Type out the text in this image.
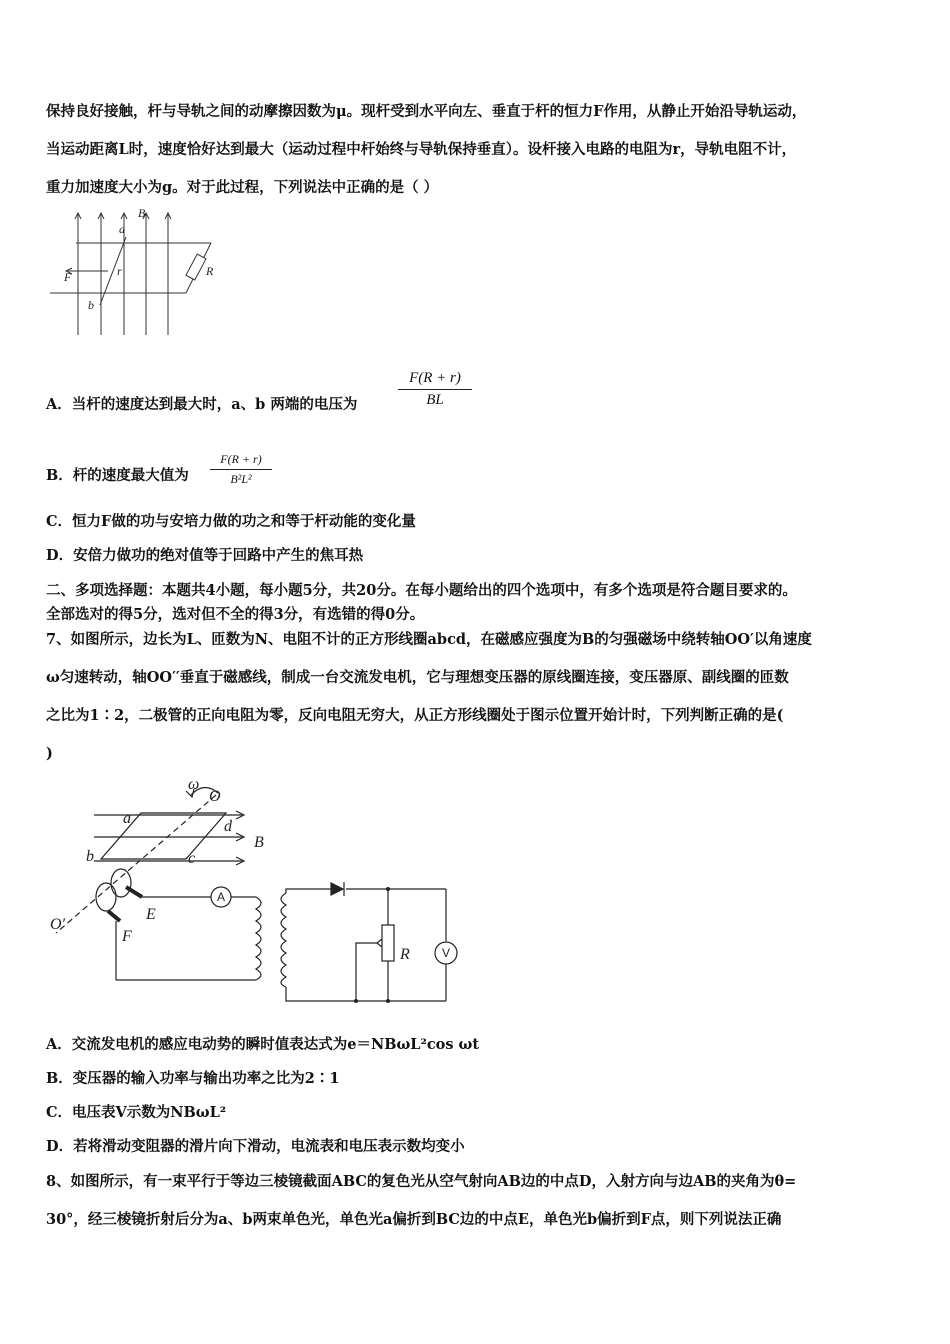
保持良好接触，杆与导轨之间的动摩擦因数为μ。现杆受到水平向左、垂直于杆的恒力F作用，从静止开始沿导轨运动，
当运动距离L时，速度恰好达到最大（运动过程中杆始终与导轨保持垂直）。设杆接入电路的电阻为r，导轨电阻不计，
重力加速度大小为g。对于此过程，下列说法中正确的是（ ）
B
a
F	r
b
R
A．当杆的速度达到最大时，a、b 两端的电压为
F(R + r)
BL
B．杆的速度最大值为
F(R + r)
B²L²
C．恒力F做的功与安培力做的功之和等于杆动能的变化量
D．安倍力做功的绝对值等于回路中产生的焦耳热
二、多项选择题：本题共4小题，每小题5分，共20分。在每小题给出的四个选项中，有多个选项是符合题目要求的。
全部选对的得5分，选对但不全的得3分，有选错的得0分。
7、如图所示，边长为L、匝数为N、电阻不计的正方形线圈abcd，在磁感应强度为B的匀强磁场中绕转轴OO′以角速度
ω匀速转动，轴OO′′垂直于磁感线，制成一台交流发电机，它与理想变压器的原线圈连接，变压器原、副线圈的匝数
之比为1∶2，二极管的正向电阻为零，反向电阻无穷大，从正方形线圈处于图示位置开始计时，下列判断正确的是(
)
ω
O
a	d
B
b	c
E
O′
F
R
A
V
A．交流发电机的感应电动势的瞬时值表达式为e＝NBωL²cos ωt
B．变压器的输入功率与输出功率之比为2∶1
C．电压表V示数为NBωL²
D．若将滑动变阻器的滑片向下滑动，电流表和电压表示数均变小
8、如图所示，有一束平行于等边三棱镜截面ABC的复色光从空气射向AB边的中点D，入射方向与边AB的夹角为θ=
30°，经三棱镜折射后分为a、b两束单色光，单色光a偏折到BC边的中点E，单色光b偏折到F点，则下列说法正确
